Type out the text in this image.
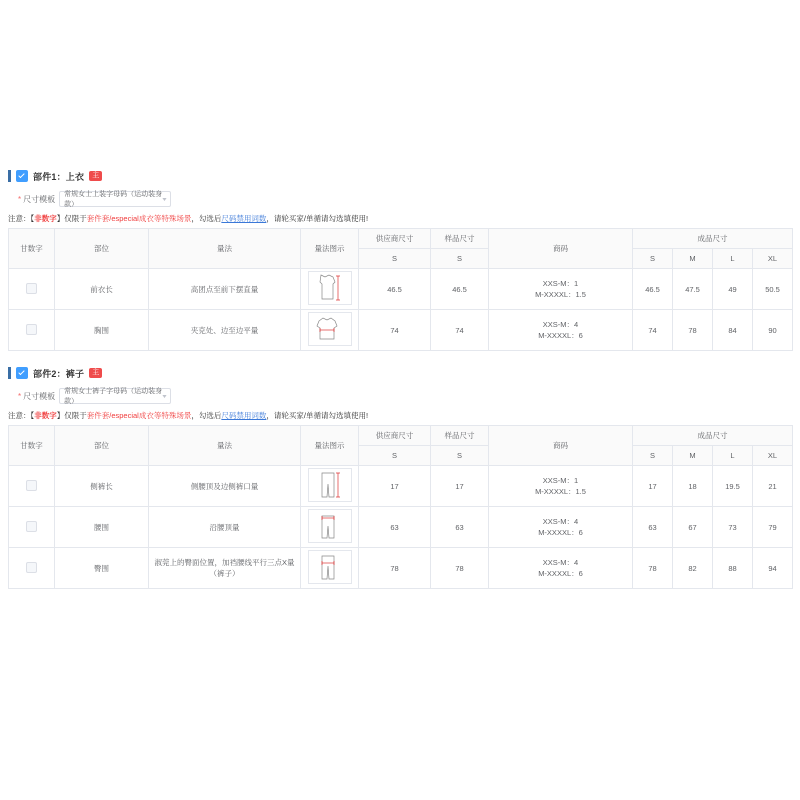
部件1：上衣	主
* 尺寸模板 常规女士上装字母码（运动装身款）
▾
注意：【非数字】仅限于套件套/especial成衣等特殊场景，勾选后尺码禁用词数，请轮买家/单循请勾选填使用!
甘数字	部位	量法	量法图示	供应商尺寸	样品尺寸	商码	成品尺寸			
				S	S		S	M	L	XL
	前衣长	高团点至前下摆直量		46.5	46.5	XXS-M：1
M-XXXXL：1.5	46.5	47.5	49	50.5
	胸围	夹克处、边至边平量		74	74	XXS-M：4
M-XXXXL：6	74	78	84	90
部件2：裤子	主
* 尺寸模板 常规女士裤子字母码（运动装身款）
▾
注意：【非数字】仅限于套件套/especial成衣等特殊场景，勾选后尺码禁用词数，请轮买家/单循请勾选填使用!
甘数字	部位	量法	量法图示	供应商尺寸	样品尺寸	商码	成品尺寸			
				S	S		S	M	L	XL
	侧裤长	侧腰顶及边侧裤口量		17	17	XXS-M：1
M-XXXXL：1.5	17	18	19.5	21
	腰围	沿腰顶量		63	63	XXS-M：4
M-XXXXL：6	63	67	73	79
	臀围	淑莞上的臀面位置，加裆腰线平行三点X量（裤子）		78	78	XXS-M：4
M-XXXXL：6	78	82	88	94
